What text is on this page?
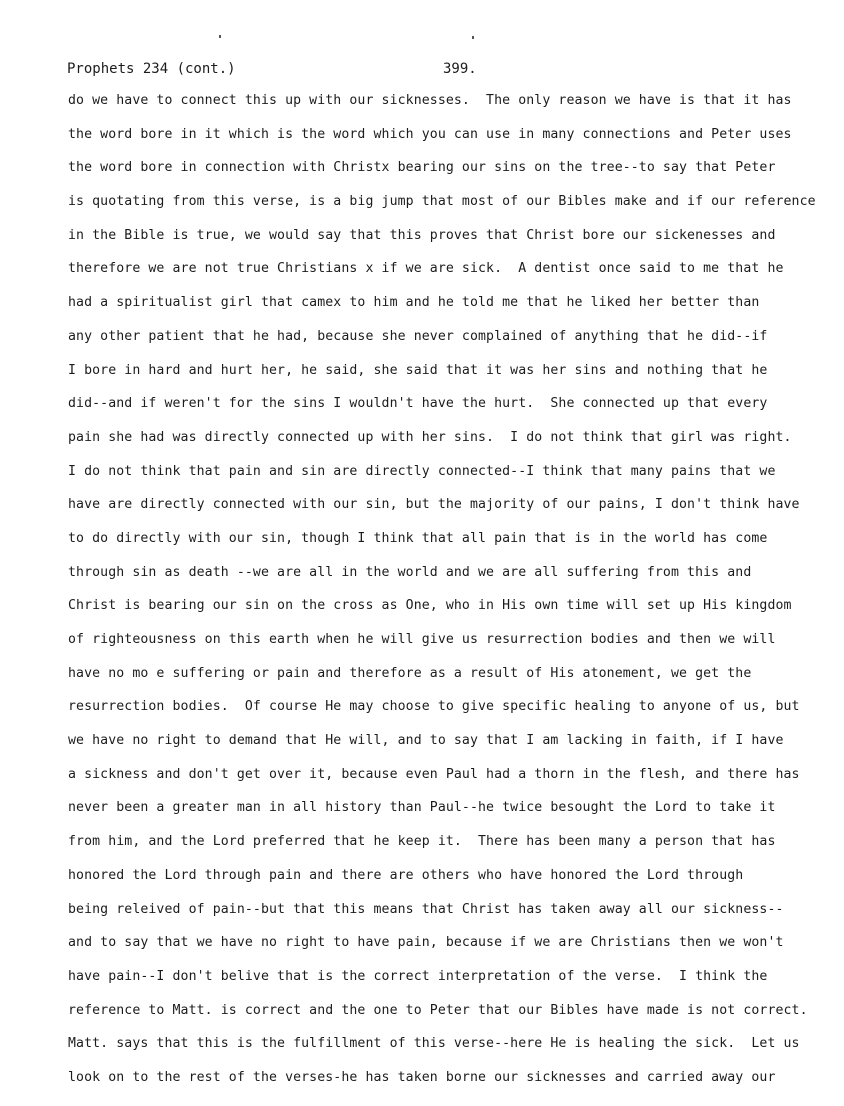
Prophets 234 (cont.)

	399.

do we have to connect this up with our sicknesses.  The only reason we have is that it has
the word bore in it which is the word which you can use in many connections and Peter uses
the word bore in connection with Christx bearing our sins on the tree--to say that Peter
is quotating from this verse, is a big jump that most of our Bibles make and if our reference
in the Bible is true, we would say that this proves that Christ bore our sickenesses and
therefore we are not true Christians x if we are sick.  A dentist once said to me that he
had a spiritualist girl that camex to him and he told me that he liked her better than
any other patient that he had, because she never complained of anything that he did--if
I bore in hard and hurt her, he said, she said that it was her sins and nothing that he
did--and if weren't for the sins I wouldn't have the hurt.  She connected up that every
pain she had was directly connected up with her sins.  I do not think that girl was right.
I do not think that pain and sin are directly connected--I think that many pains that we
have are directly connected with our sin, but the majority of our pains, I don't think have
to do directly with our sin, though I think that all pain that is in the world has come
through sin as death --we are all in the world and we are all suffering from this and
Christ is bearing our sin on the cross as One, who in His own time will set up His kingdom
of righteousness on this earth when he will give us resurrection bodies and then we will
have no mo e suffering or pain and therefore as a result of His atonement, we get the
resurrection bodies.  Of course He may choose to give specific healing to anyone of us, but
we have no right to demand that He will, and to say that I am lacking in faith, if I have
a sickness and don't get over it, because even Paul had a thorn in the flesh, and there has
never been a greater man in all history than Paul--he twice besought the Lord to take it
from him, and the Lord preferred that he keep it.  There has been many a person that has
honored the Lord through pain and there are others who have honored the Lord through
being releived of pain--but that this means that Christ has taken away all our sickness--
and to say that we have no right to have pain, because if we are Christians then we won't
have pain--I don't belive that is the correct interpretation of the verse.  I think the
reference to Matt. is correct and the one to Peter that our Bibles have made is not correct.
Matt. says that this is the fulfillment of this verse--here He is healing the sick.  Let us
look on to the rest of the verses-he has taken borne our sicknesses and carried away our
